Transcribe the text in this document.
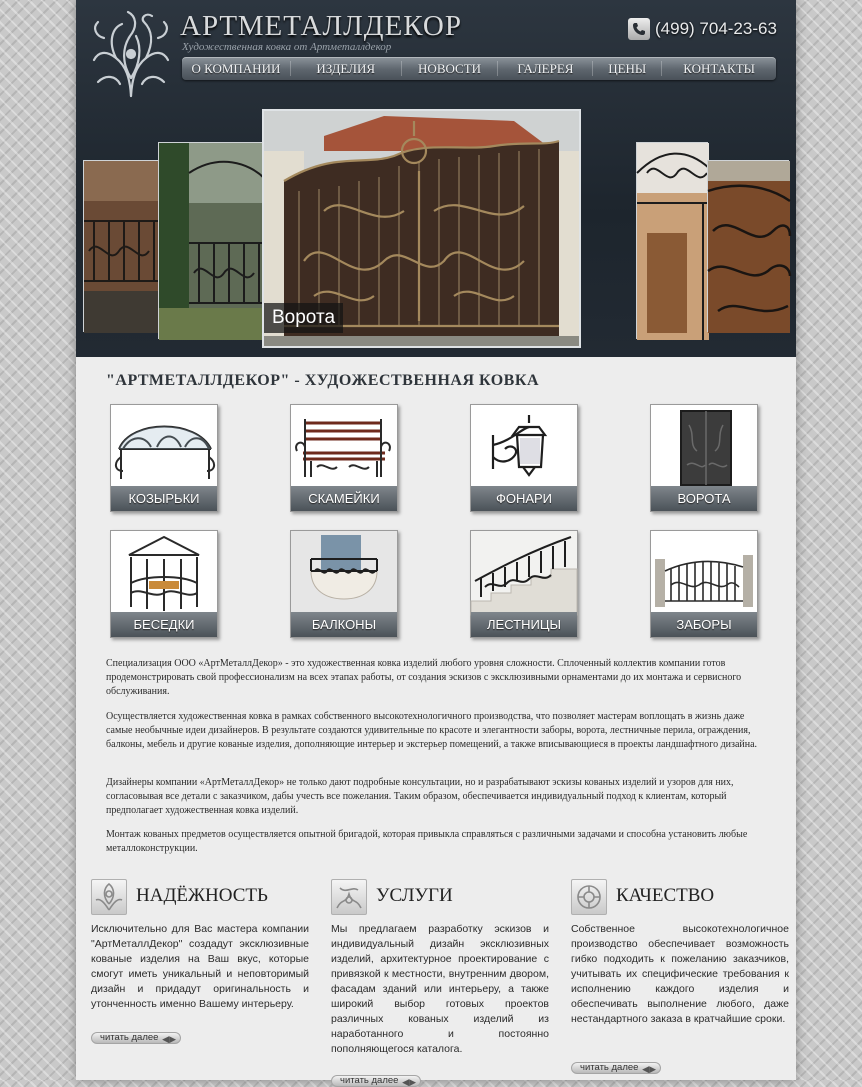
АРТМЕТАЛЛДЕКОР
Художественная ковка от Артметаллдекор
(499) 704-23-63
О КОМПАНИИ	ИЗДЕЛИЯ	НОВОСТИ	ГАЛЕРЕЯ	ЦЕНЫ	КОНТАКТЫ
Ворота
"АРТМЕТАЛЛДЕКОР" - ХУДОЖЕСТВЕННАЯ КОВКА
КОЗЫРЬКИ	СКАМЕЙКИ	ФОНАРИ	ВОРОТА
БЕСЕДКИ	БАЛКОНЫ	ЛЕСТНИЦЫ	ЗАБОРЫ
Специализация ООО «АртМеталлДекор» - это художественная ковка изделий любого уровня сложности. Сплоченный коллектив компании готов продемонстрировать свой профессионализм на всех этапах работы, от создания эскизов с эксклюзивными орнаментами до их монтажа и сервисного обслуживания.
Осуществляется художественная ковка в рамках собственного высокотехнологичного производства, что позволяет мастерам воплощать в жизнь даже самые необычные идеи дизайнеров. В результате создаются удивительные по красоте и элегантности заборы, ворота, лестничные перила, ограждения, балконы, мебель и другие кованые изделия, дополняющие интерьер и экстерьер помещений, а также вписывающиеся в проекты ландшафтного дизайна.
Дизайнеры компании «АртМеталлДекор» не только дают подробные консультации, но и разрабатывают эскизы кованых изделий и узоров для них, согласовывая все детали с заказчиком, дабы учесть все пожелания. Таким образом, обеспечивается индивидуальный подход к клиентам, который предполагает художественная ковка изделий.
Монтаж кованых предметов осуществляется опытной бригадой, которая привыкла справляться с различными задачами и способна установить любые металлоконструкции.
НАДЁЖНОСТЬ
Исключительно для Вас мастера компании "АртМеталлДекор" создадут эксклюзивные кованые изделия на Ваш вкус, которые смогут иметь уникальный и неповторимый дизайн и придадут оригинальность и утонченность именно Вашему интерьеру.
читать далее ◀▶
УСЛУГИ
Мы предлагаем разработку эскизов и индивидуальный дизайн эксклюзивных изделий, архитектурное проектирование с привязкой к местности, внутренним двором, фасадам зданий или интерьеру, а также широкий выбор готовых проектов различных кованых изделий из наработанного и постоянно пополняющегося каталога.
читать далее ◀▶
КАЧЕСТВО
Собственное высокотехнологичное производство обеспечивает возможность гибко подходить к пожеланию заказчиков, учитывать их специфические требования к исполнению каждого изделия и обеспечивать выполнение любого, даже нестандартного заказа в кратчайшие сроки.
читать далее ◀▶
